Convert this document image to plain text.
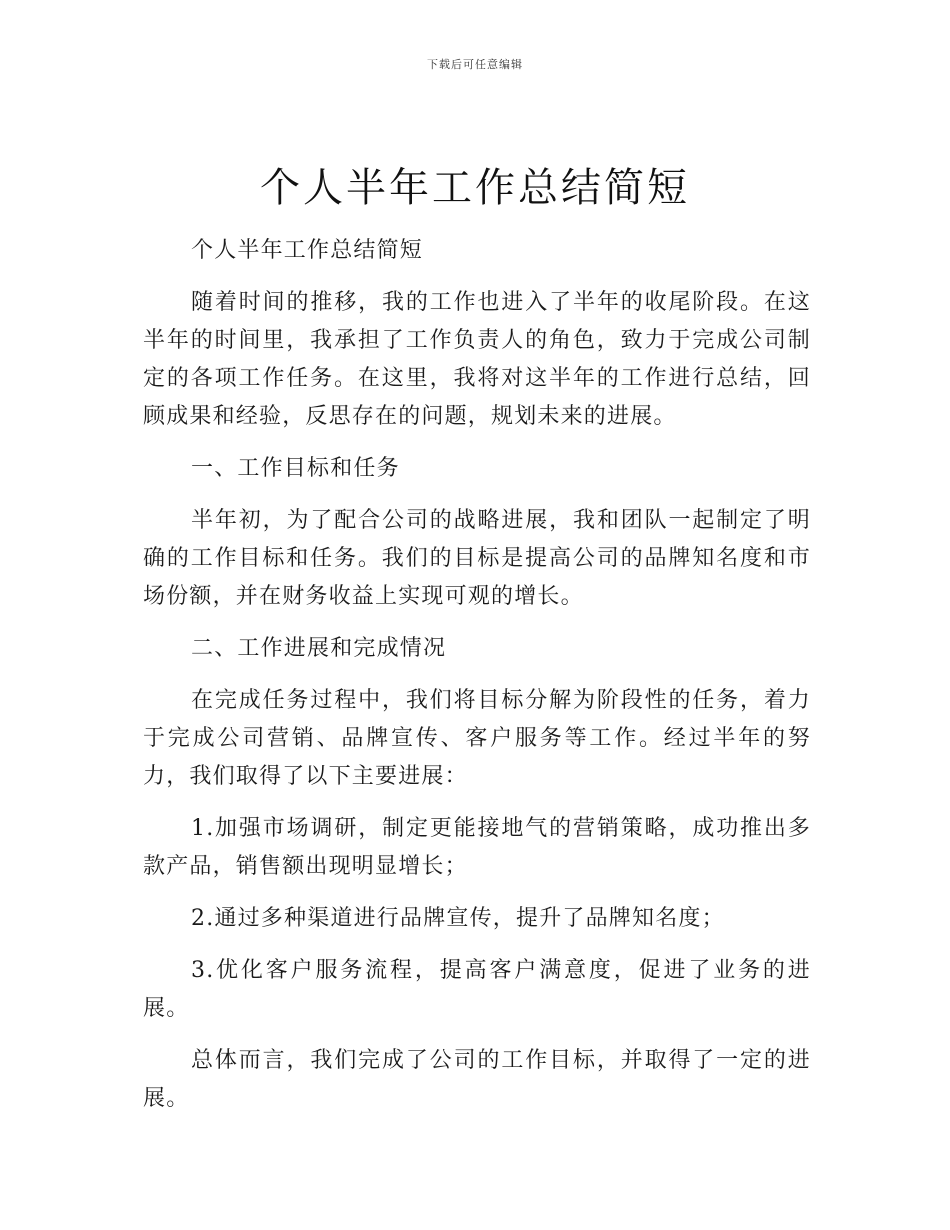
下载后可任意编辑
个人半年工作总结简短

个人半年工作总结简短

随着时间的推移，我的工作也进入了半年的收尾阶段。在这半年的时间里，我承担了工作负责人的角色，致力于完成公司制定的各项工作任务。在这里，我将对这半年的工作进行总结，回顾成果和经验，反思存在的问题，规划未来的进展。

一、工作目标和任务

半年初，为了配合公司的战略进展，我和团队一起制定了明确的工作目标和任务。我们的目标是提高公司的品牌知名度和市场份额，并在财务收益上实现可观的增长。

二、工作进展和完成情况

在完成任务过程中，我们将目标分解为阶段性的任务，着力于完成公司营销、品牌宣传、客户服务等工作。经过半年的努力，我们取得了以下主要进展：

1.加强市场调研，制定更能接地气的营销策略，成功推出多款产品，销售额出现明显增长；

2.通过多种渠道进行品牌宣传，提升了品牌知名度；

3.优化客户服务流程，提高客户满意度，促进了业务的进展。

总体而言，我们完成了公司的工作目标，并取得了一定的进展。
